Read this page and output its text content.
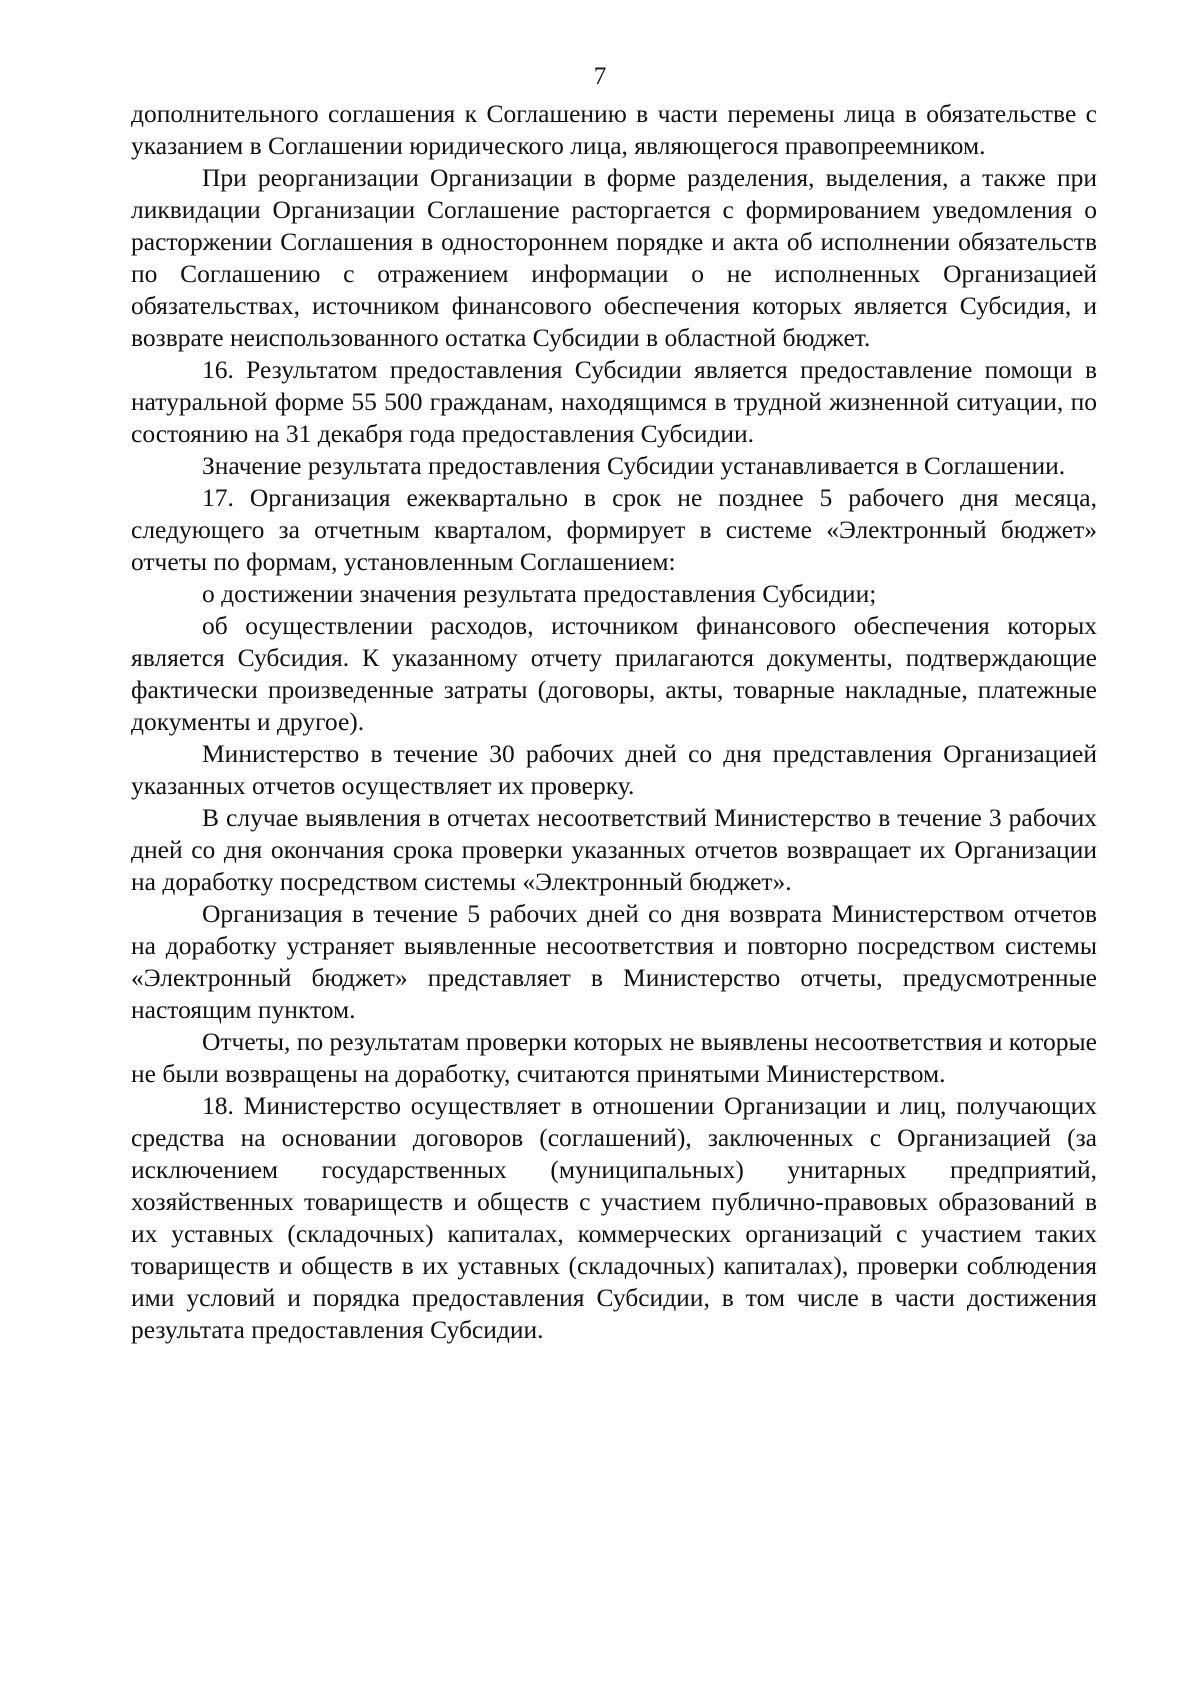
7

дополнительного соглашения к Соглашению в части перемены лица в обязательстве с указанием в Соглашении юридического лица, являющегося правопреемником.

При реорганизации Организации в форме разделения, выделения, а также при ликвидации Организации Соглашение расторгается с формированием уведомления о расторжении Соглашения в одностороннем порядке и акта об исполнении обязательств по Соглашению с отражением информации о не исполненных Организацией обязательствах, источником финансового обеспечения которых является Субсидия, и возврате неиспользованного остатка Субсидии в областной бюджет.

16. Результатом предоставления Субсидии является предоставление помощи в натуральной форме 55 500 гражданам, находящимся в трудной жизненной ситуации, по состоянию на 31 декабря года предоставления Субсидии.

Значение результата предоставления Субсидии устанавливается в Соглашении.

17. Организация ежеквартально в срок не позднее 5 рабочего дня месяца, следующего за отчетным кварталом, формирует в системе «Электронный бюджет» отчеты по формам, установленным Соглашением:

о достижении значения результата предоставления Субсидии;

об осуществлении расходов, источником финансового обеспечения которых является Субсидия. К указанному отчету прилагаются документы, подтверждающие фактически произведенные затраты (договоры, акты, товарные накладные, платежные документы и другое).

Министерство в течение 30 рабочих дней со дня представления Организацией указанных отчетов осуществляет их проверку.

В случае выявления в отчетах несоответствий Министерство в течение 3 рабочих дней со дня окончания срока проверки указанных отчетов возвращает их Организации на доработку посредством системы «Электронный бюджет».

Организация в течение 5 рабочих дней со дня возврата Министерством отчетов на доработку устраняет выявленные несоответствия и повторно посредством системы «Электронный бюджет» представляет в Министерство отчеты, предусмотренные настоящим пунктом.

Отчеты, по результатам проверки которых не выявлены несоответствия и которые не были возвращены на доработку, считаются принятыми Министерством.

18. Министерство осуществляет в отношении Организации и лиц, получающих средства на основании договоров (соглашений), заключенных с Организацией (за исключением государственных (муниципальных) унитарных предприятий, хозяйственных товариществ и обществ с участием публично-правовых образований в их уставных (складочных) капиталах, коммерческих организаций с участием таких товариществ и обществ в их уставных (складочных) капиталах), проверки соблюдения ими условий и порядка предоставления Субсидии, в том числе в части достижения результата предоставления Субсидии.
